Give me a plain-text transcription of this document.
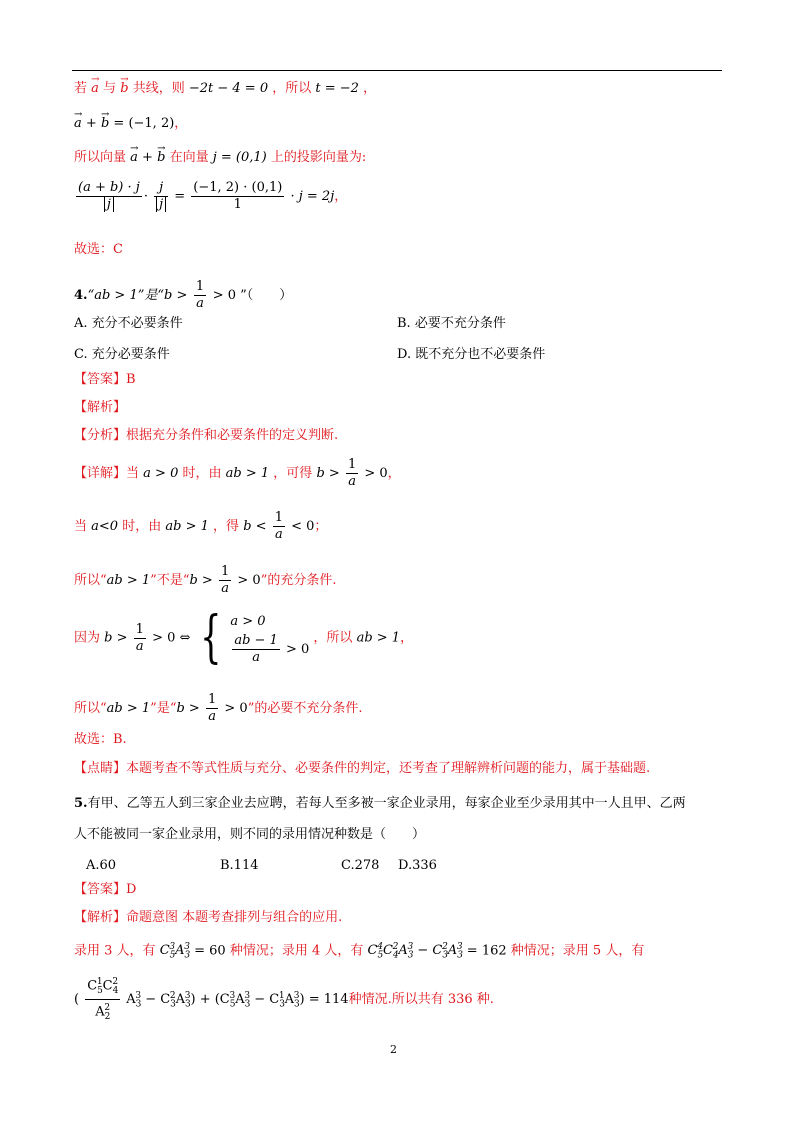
若 → a 与 → b 共线，则 −2t − 4 = 0 ，所以 t = −2 ，
→ a + → b = (−1, 2)，
所以向量 → a + → b 在向量 j = (0,1) 上的投影向量为:
$\frac{(a + b) \cdot j}{j} \cdot \frac{j}{j} = \frac{(-1, 2) \cdot (0,1)}{1} \cdot j = 2j$，
故选：C
4.“ab > 1”是“$b > \frac{1}{a} > 0$ ”（　　）
A. 充分不必要条件	B. 必要不充分条件
C. 充分必要条件	D. 既不充分也不必要条件
【答案】B
【解析】
【分析】根据充分条件和必要条件的定义判断.
【详解】当 a > 0 时，由 ab > 1 ，可得 $b > \frac{1}{a} > 0$，
当 a<0 时，由 ab > 1 ，得 $b < \frac{1}{a} < 0$；
所以“ab > 1”不是“$b > \frac{1}{a} > 0$”的充分条件.
因为 $b > \frac{1}{a} > 0$ ⇔ { a > 0
$\frac{ab - 1}{a} > 0$
，所以 ab > 1，
所以“ab > 1”是“$b > \frac{1}{a} > 0$”的必要不充分条件.
故选：B.
【点睛】本题考查不等式性质与充分、必要条件的判定，还考查了理解辨析问题的能力，属于基础题.
5.有甲、乙等五人到三家企业去应聘，若每人至多被一家企业录用，每家企业至少录用其中一人且甲、乙两
人不能被同一家企业录用，则不同的录用情况种数是（　　）
A.60	B.114	C.278 D.336
【答案】D
【解析】命题意图 本题考查排列与组合的应用.
录用 3 人，有 $C_5^3A_3^3 = 60$ 种情况；录用 4 人，有 $C_5^4C_4^2A_3^3 - C_3^2A_3^3 = 162$ 种情况；录用 5 人，有
( $\frac{C_5^1C_4^2}{A_2^2} A_3^3 - C_3^2A_3^3) + (C_5^3A_3^3 - C_3^1A_3^3) = 114$种情况.所以共有 336 种.
2
